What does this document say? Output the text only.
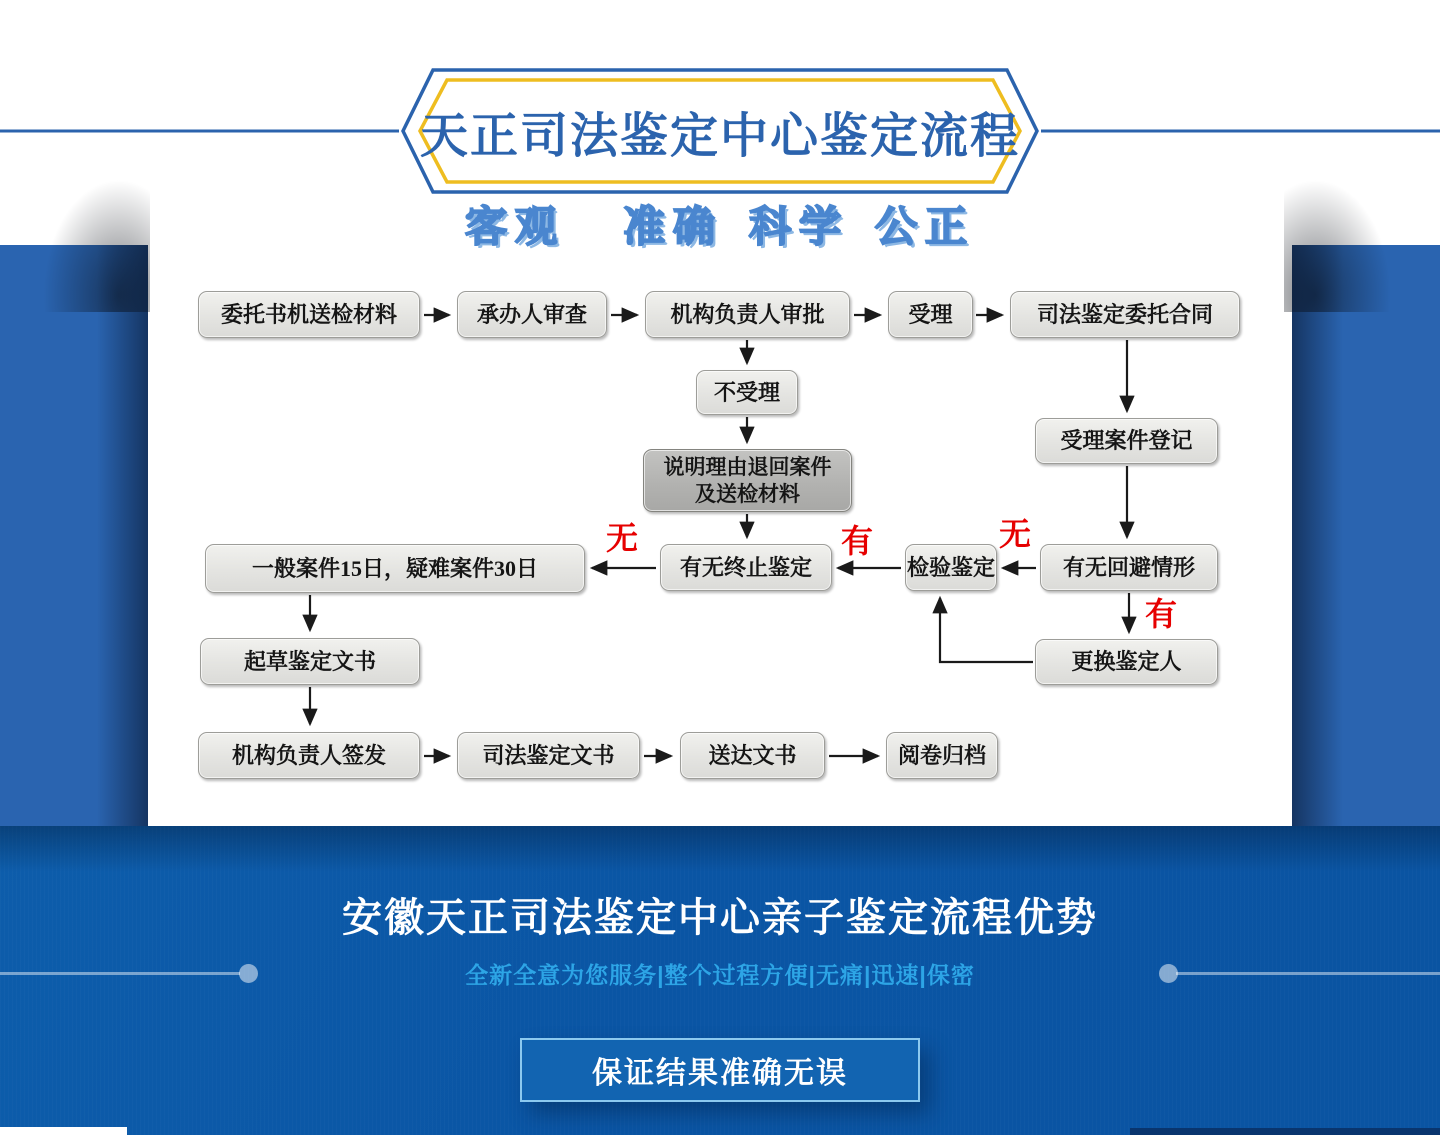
天正司法鉴定中心鉴定流程
客观 准确 科学 公正
委托书机送检材料	承办人审查	机构负责人审批	受理	司法鉴定委托合同
不受理
说明理由退回案件
及送检材料
受理案件登记
有无回避情形
检验鉴定
有无终止鉴定
一般案件15日，疑难案件30日
更换鉴定人
起草鉴定文书
机构负责人签发	司法鉴定文书	送达文书	阅卷归档
无	有	无
有
安徽天正司法鉴定中心亲子鉴定流程优势
全新全意为您服务|整个过程方便|无痛|迅速|保密
保证结果准确无误
